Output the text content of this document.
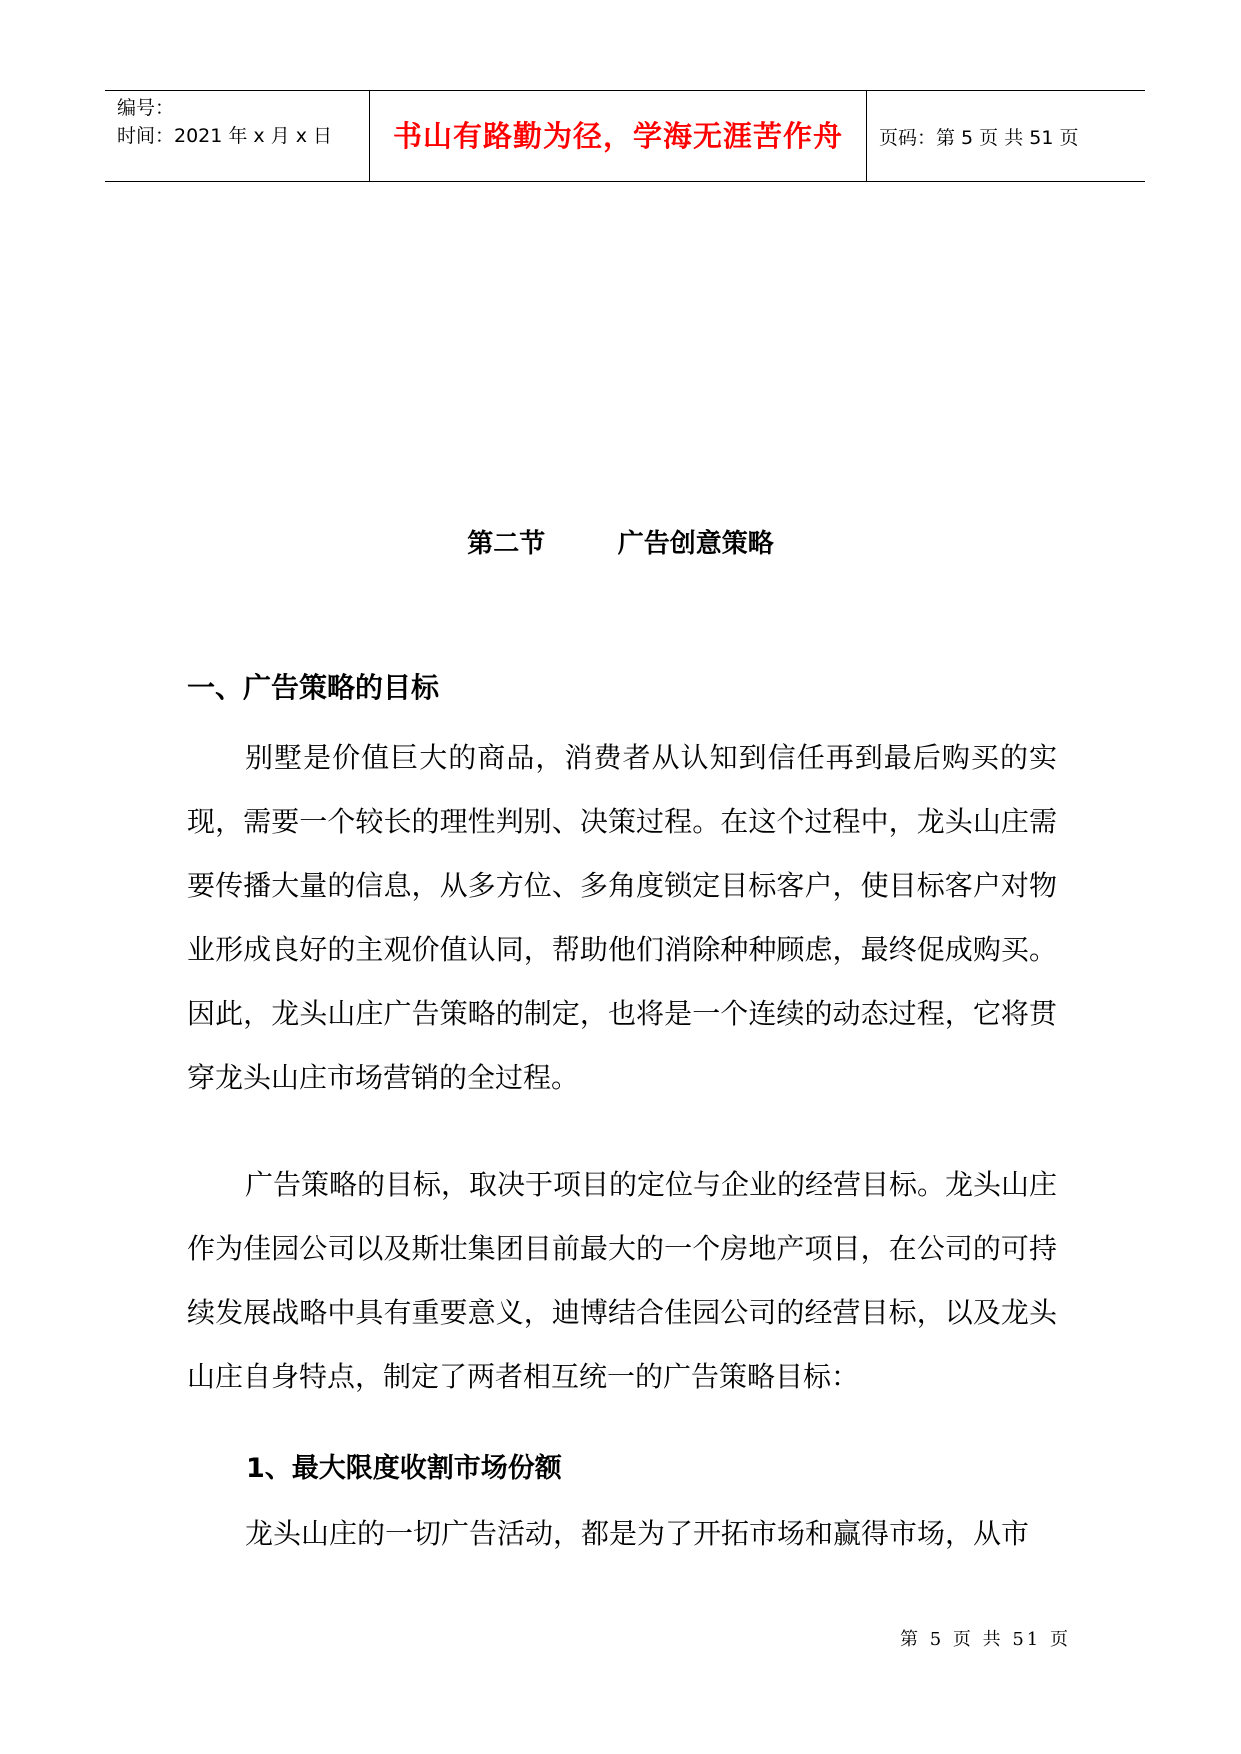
编号：
时间：2021 年 x 月 x 日 书山有路勤为径，学海无涯苦作舟 页码：第 5 页 共 51 页
第二节        广告创意策略
一、广告策略的目标

别墅是价值巨大的商品，消费者从认知到信任再到最后购买的实现，需要一个较长的理性判别、决策过程。在这个过程中，龙头山庄需要传播大量的信息，从多方位、多角度锁定目标客户，使目标客户对物业形成良好的主观价值认同，帮助他们消除种种顾虑，最终促成购买。因此，龙头山庄广告策略的制定，也将是一个连续的动态过程，它将贯穿龙头山庄市场营销的全过程。

广告策略的目标，取决于项目的定位与企业的经营目标。龙头山庄作为佳园公司以及斯壮集团目前最大的一个房地产项目，在公司的可持续发展战略中具有重要意义，迪博结合佳园公司的经营目标，以及龙头山庄自身特点，制定了两者相互统一的广告策略目标：

1、最大限度收割市场份额

龙头山庄的一切广告活动，都是为了开拓市场和赢得市场，从市

第 5 页 共 51 页
